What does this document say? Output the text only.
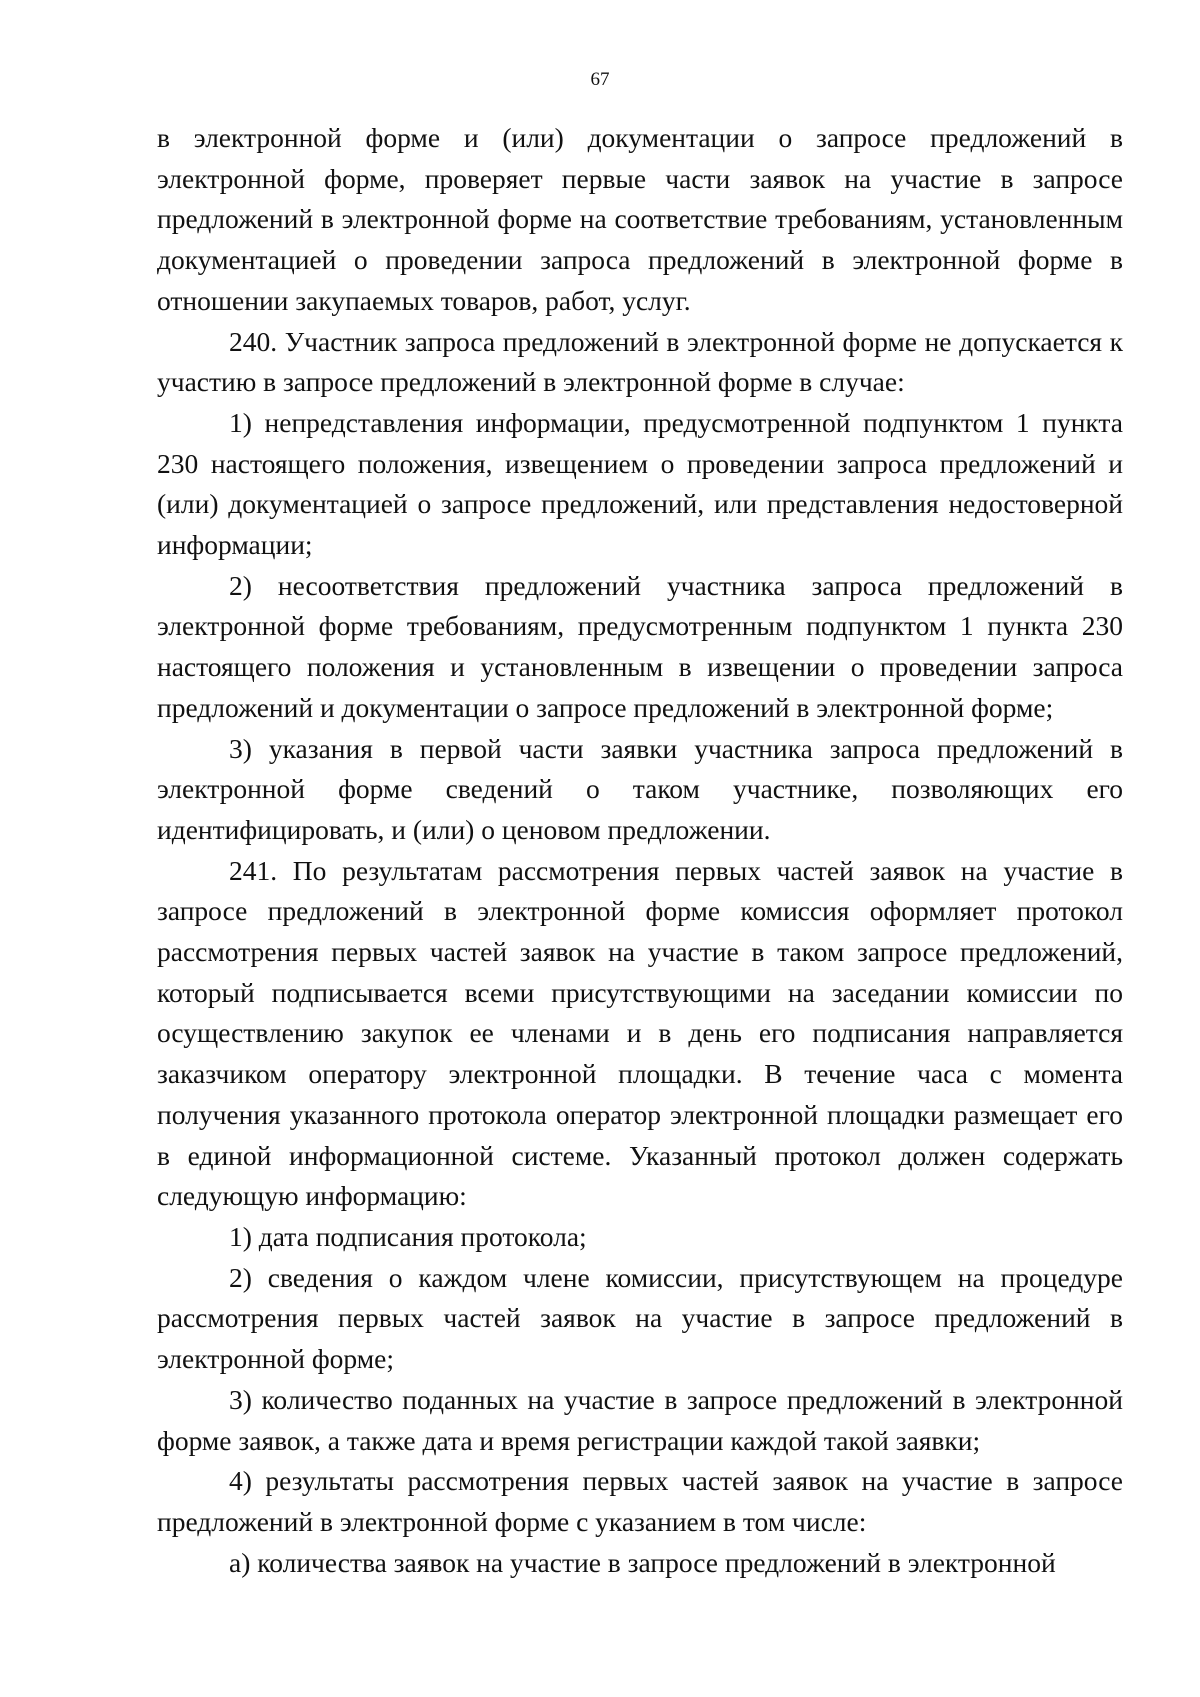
67

в электронной форме и (или) документации о запросе предложений в электронной форме, проверяет первые части заявок на участие в запросе предложений в электронной форме на соответствие требованиям, установленным документацией о проведении запроса предложений в электронной форме в отношении закупаемых товаров, работ, услуг.

240. Участник запроса предложений в электронной форме не допускается к участию в запросе предложений в электронной форме в случае:

1) непредставления информации, предусмотренной подпунктом 1 пункта 230 настоящего положения, извещением о проведении запроса предложений и (или) документацией о запросе предложений, или представления недостоверной информации;

2) несоответствия предложений участника запроса предложений в электронной форме требованиям, предусмотренным подпунктом 1 пункта 230 настоящего положения и установленным в извещении о проведении запроса предложений и документации о запросе предложений в электронной форме;

3) указания в первой части заявки участника запроса предложений в электронной форме сведений о таком участнике, позволяющих его идентифицировать, и (или) о ценовом предложении.

241. По результатам рассмотрения первых частей заявок на участие в запросе предложений в электронной форме комиссия оформляет протокол рассмотрения первых частей заявок на участие в таком запросе предложений, который подписывается всеми присутствующими на заседании комиссии по осуществлению закупок ее членами и в день его подписания направляется заказчиком оператору электронной площадки. В течение часа с момента получения указанного протокола оператор электронной площадки размещает его в единой информационной системе. Указанный протокол должен содержать следующую информацию:

1) дата подписания протокола;

2) сведения о каждом члене комиссии, присутствующем на процедуре рассмотрения первых частей заявок на участие в запросе предложений в электронной форме;

3) количество поданных на участие в запросе предложений в электронной форме заявок, а также дата и время регистрации каждой такой заявки;

4) результаты рассмотрения первых частей заявок на участие в запросе предложений в электронной форме с указанием в том числе:

а) количества заявок на участие в запросе предложений в электронной
